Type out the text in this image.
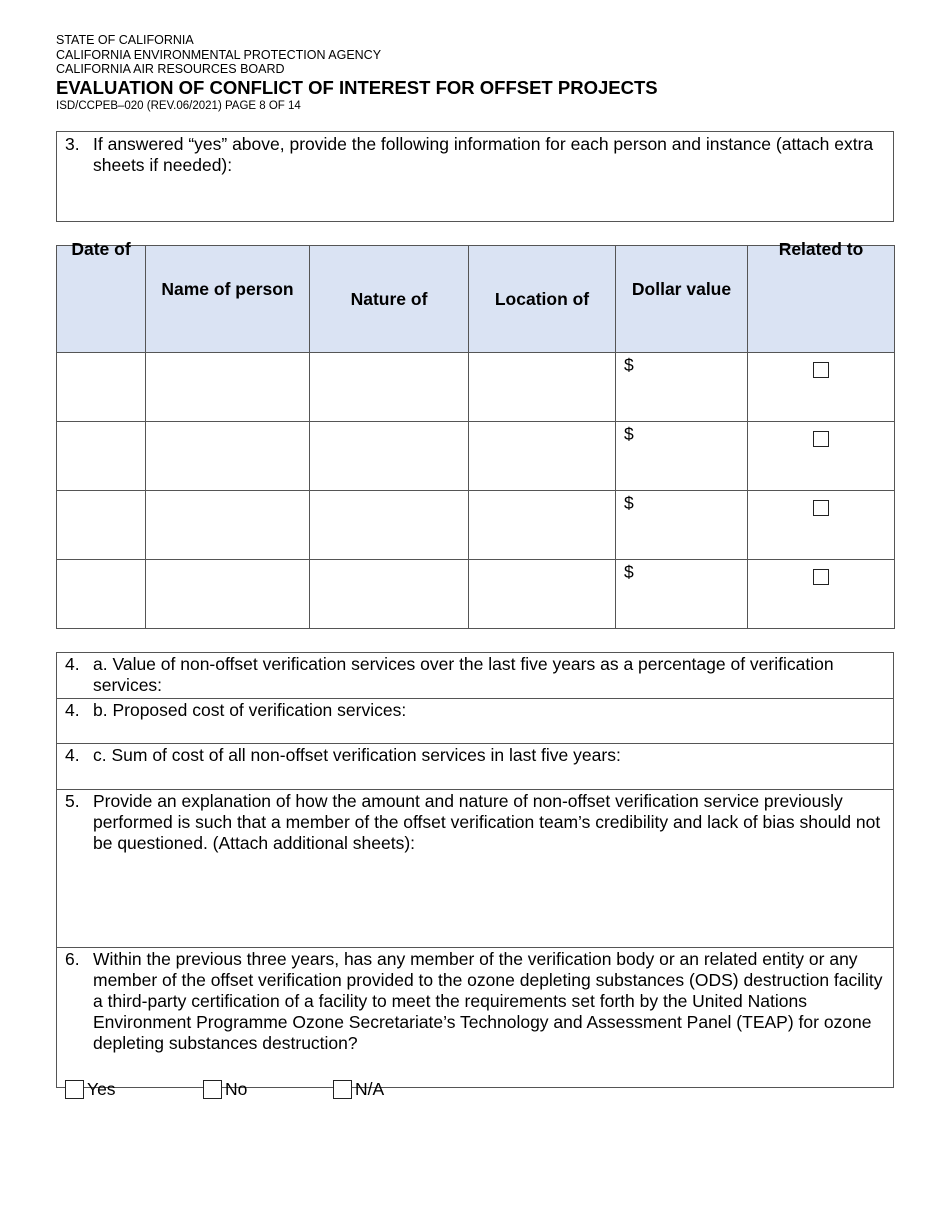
STATE OF CALIFORNIA
CALIFORNIA ENVIRONMENTAL PROTECTION AGENCY
CALIFORNIA AIR RESOURCES BOARD
EVALUATION OF CONFLICT OF INTEREST FOR OFFSET PROJECTS
ISD/CCPEB–020 (REV.06/2021) PAGE 8 OF 14
3. If answered “yes” above, provide the following information for each person and instance (attach extra sheets if needed):
Date of	Name of person	Nature of	Location of	Dollar value	Related to

				$	

				$	

				$	

				$	

4. a. Value of non-offset verification services over the last five years as a percentage of verification services:
4. b. Proposed cost of verification services:
4. c. Sum of cost of all non-offset verification services in last five years:
5. Provide an explanation of how the amount and nature of non-offset verification service previously performed is such that a member of the offset verification team’s credibility and lack of bias should not be questioned. (Attach additional sheets):
6. Within the previous three years, has any member of the verification body or an related entity or any member of the offset verification provided to the ozone depleting substances (ODS) destruction facility a third-party certification of a facility to meet the requirements set forth by the United Nations Environment Programme Ozone Secretariate’s Technology and Assessment Panel (TEAP) for ozone depleting substances destruction?
Yes	No	N/A
